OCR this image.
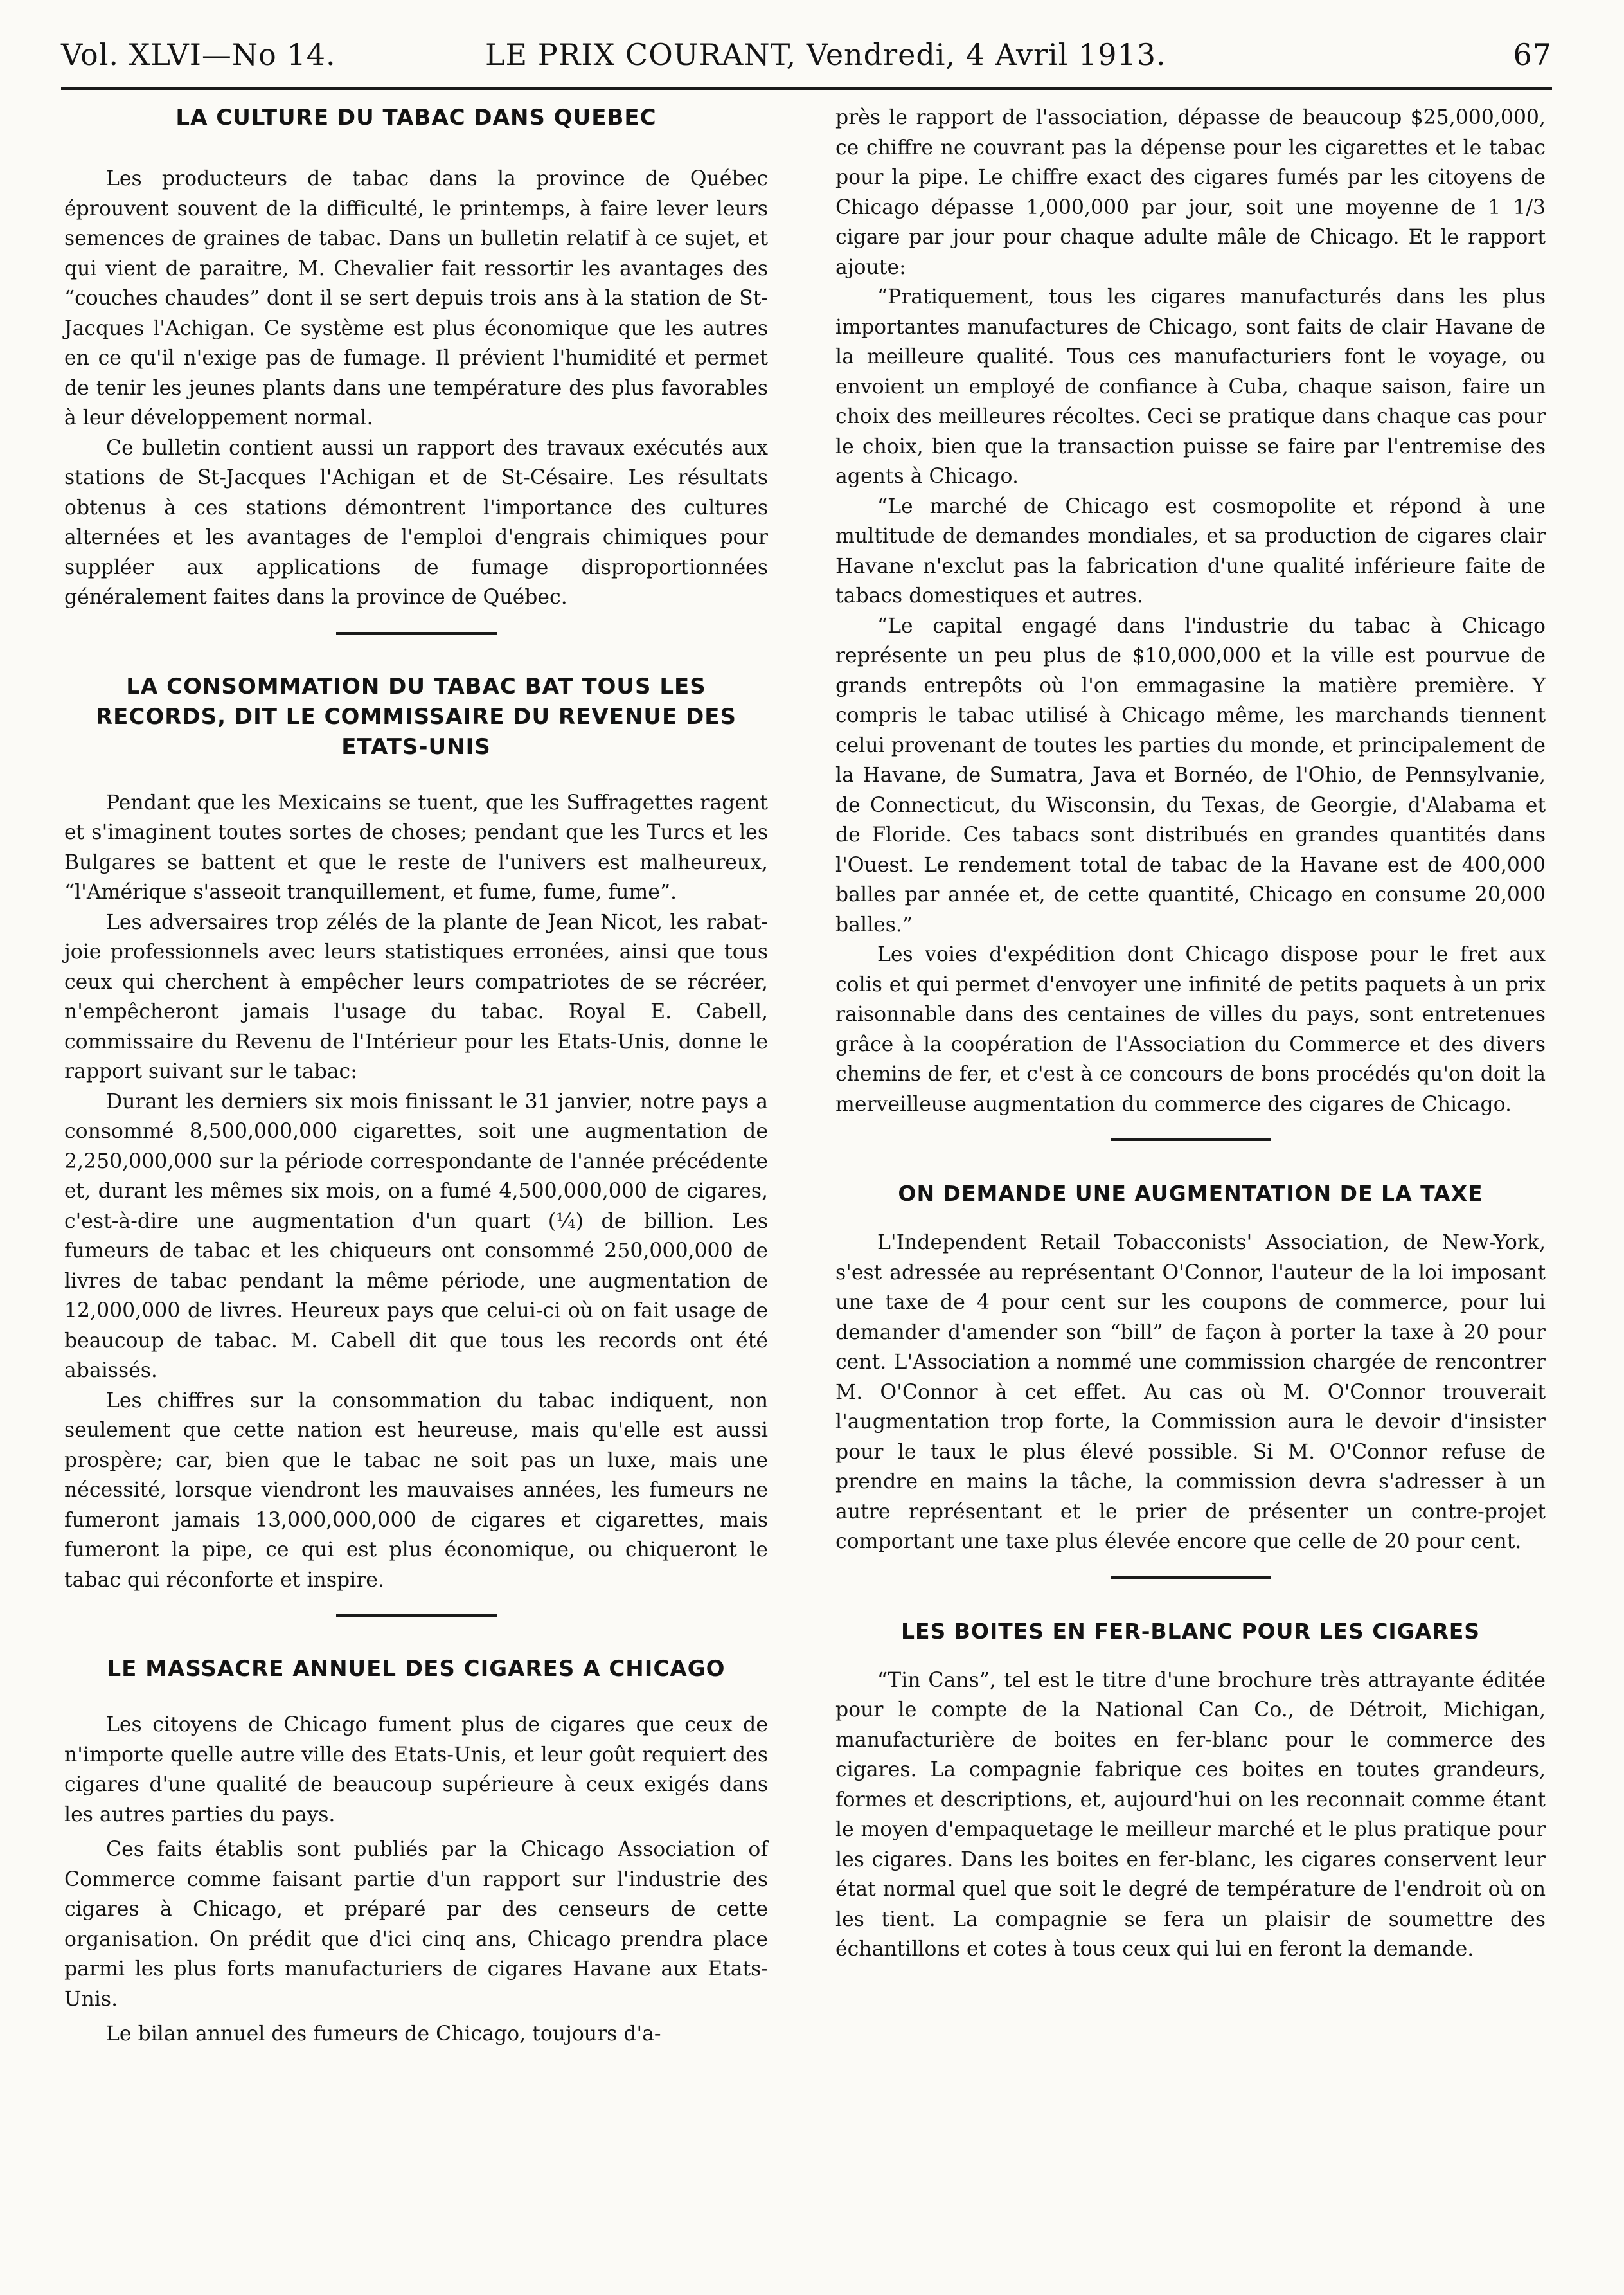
Vol. XLVI—No 14.	LE PRIX COURANT, Vendredi, 4 Avril 1913.	67
LA CULTURE DU TABAC DANS QUEBEC

Les producteurs de tabac dans la province de Québec éprouvent souvent de la difficulté, le printemps, à faire lever leurs semences de graines de tabac. Dans un bulletin relatif à ce sujet, et qui vient de paraitre, M. Chevalier fait ressortir les avantages des “couches chaudes” dont il se sert depuis trois ans à la station de St-Jacques l'Achigan. Ce système est plus économique que les autres en ce qu'il n'exige pas de fumage. Il prévient l'humidité et permet de tenir les jeunes plants dans une température des plus favorables à leur développement normal.

Ce bulletin contient aussi un rapport des travaux exécutés aux stations de St-Jacques l'Achigan et de St-Césaire. Les résultats obtenus à ces stations démontrent l'importance des cultures alternées et les avantages de l'emploi d'engrais chimiques pour suppléer aux applications de fumage disproportionnées généralement faites dans la province de Québec.

LA CONSOMMATION DU TABAC BAT TOUS LES RECORDS, DIT LE COMMISSAIRE DU REVENUE DES ETATS-UNIS

Pendant que les Mexicains se tuent, que les Suffragettes ragent et s'imaginent toutes sortes de choses; pendant que les Turcs et les Bulgares se battent et que le reste de l'univers est malheureux, “l'Amérique s'asseoit tranquillement, et fume, fume, fume”.

Les adversaires trop zélés de la plante de Jean Nicot, les rabat-joie professionnels avec leurs statistiques erronées, ainsi que tous ceux qui cherchent à empêcher leurs compatriotes de se récréer, n'empêcheront jamais l'usage du tabac. Royal E. Cabell, commissaire du Revenu de l'Intérieur pour les Etats-Unis, donne le rapport suivant sur le tabac:

Durant les derniers six mois finissant le 31 janvier, notre pays a consommé 8,500,000,000 cigarettes, soit une augmentation de 2,250,000,000 sur la période correspondante de l'année précédente et, durant les mêmes six mois, on a fumé 4,500,000,000 de cigares, c'est-à-dire une augmentation d'un quart (¼) de billion. Les fumeurs de tabac et les chiqueurs ont consommé 250,000,000 de livres de tabac pendant la même période, une augmentation de 12,000,000 de livres. Heureux pays que celui-ci où on fait usage de beaucoup de tabac. M. Cabell dit que tous les records ont été abaissés.

Les chiffres sur la consommation du tabac indiquent, non seulement que cette nation est heureuse, mais qu'elle est aussi prospère; car, bien que le tabac ne soit pas un luxe, mais une nécessité, lorsque viendront les mauvaises années, les fumeurs ne fumeront jamais 13,000,000,000 de cigares et cigarettes, mais fumeront la pipe, ce qui est plus économique, ou chiqueront le tabac qui réconforte et inspire.

LE MASSACRE ANNUEL DES CIGARES A CHICAGO

Les citoyens de Chicago fument plus de cigares que ceux de n'importe quelle autre ville des Etats-Unis, et leur goût requiert des cigares d'une qualité de beaucoup supérieure à ceux exigés dans les autres parties du pays.

Ces faits établis sont publiés par la Chicago Association of Commerce comme faisant partie d'un rapport sur l'industrie des cigares à Chicago, et préparé par des censeurs de cette organisation. On prédit que d'ici cinq ans, Chicago prendra place parmi les plus forts manufacturiers de cigares Havane aux Etats-Unis.

Le bilan annuel des fumeurs de Chicago, toujours d'a-

près le rapport de l'association, dépasse de beaucoup $25,000,000, ce chiffre ne couvrant pas la dépense pour les cigarettes et le tabac pour la pipe. Le chiffre exact des cigares fumés par les citoyens de Chicago dépasse 1,000,000 par jour, soit une moyenne de 1 1/3 cigare par jour pour chaque adulte mâle de Chicago. Et le rapport ajoute:

“Pratiquement, tous les cigares manufacturés dans les plus importantes manufactures de Chicago, sont faits de clair Havane de la meilleure qualité. Tous ces manufacturiers font le voyage, ou envoient un employé de confiance à Cuba, chaque saison, faire un choix des meilleures récoltes. Ceci se pratique dans chaque cas pour le choix, bien que la transaction puisse se faire par l'entremise des agents à Chicago.

“Le marché de Chicago est cosmopolite et répond à une multitude de demandes mondiales, et sa production de cigares clair Havane n'exclut pas la fabrication d'une qualité inférieure faite de tabacs domestiques et autres.

“Le capital engagé dans l'industrie du tabac à Chicago représente un peu plus de $10,000,000 et la ville est pourvue de grands entrepôts où l'on emmagasine la matière première. Y compris le tabac utilisé à Chicago même, les marchands tiennent celui provenant de toutes les parties du monde, et principalement de la Havane, de Sumatra, Java et Bornéo, de l'Ohio, de Pennsylvanie, de Connecticut, du Wisconsin, du Texas, de Georgie, d'Alabama et de Floride. Ces tabacs sont distribués en grandes quantités dans l'Ouest. Le rendement total de tabac de la Havane est de 400,000 balles par année et, de cette quantité, Chicago en consume 20,000 balles.”

Les voies d'expédition dont Chicago dispose pour le fret aux colis et qui permet d'envoyer une infinité de petits paquets à un prix raisonnable dans des centaines de villes du pays, sont entretenues grâce à la coopération de l'Association du Commerce et des divers chemins de fer, et c'est à ce concours de bons procédés qu'on doit la merveilleuse augmentation du commerce des cigares de Chicago.

ON DEMANDE UNE AUGMENTATION DE LA TAXE

L'Independent Retail Tobacconists' Association, de New-York, s'est adressée au représentant O'Connor, l'auteur de la loi imposant une taxe de 4 pour cent sur les coupons de commerce, pour lui demander d'amender son “bill” de façon à porter la taxe à 20 pour cent. L'Association a nommé une commission chargée de rencontrer M. O'Connor à cet effet. Au cas où M. O'Connor trouverait l'augmentation trop forte, la Commission aura le devoir d'insister pour le taux le plus élevé possible. Si M. O'Connor refuse de prendre en mains la tâche, la commission devra s'adresser à un autre représentant et le prier de présenter un contre-projet comportant une taxe plus élevée encore que celle de 20 pour cent.

LES BOITES EN FER-BLANC POUR LES CIGARES

“Tin Cans”, tel est le titre d'une brochure très attrayante éditée pour le compte de la National Can Co., de Détroit, Michigan, manufacturière de boites en fer-blanc pour le commerce des cigares. La compagnie fabrique ces boites en toutes grandeurs, formes et descriptions, et, aujourd'hui on les reconnait comme étant le moyen d'empaquetage le meilleur marché et le plus pratique pour les cigares. Dans les boites en fer-blanc, les cigares conservent leur état normal quel que soit le degré de température de l'endroit où on les tient. La compagnie se fera un plaisir de soumettre des échantillons et cotes à tous ceux qui lui en feront la demande.
